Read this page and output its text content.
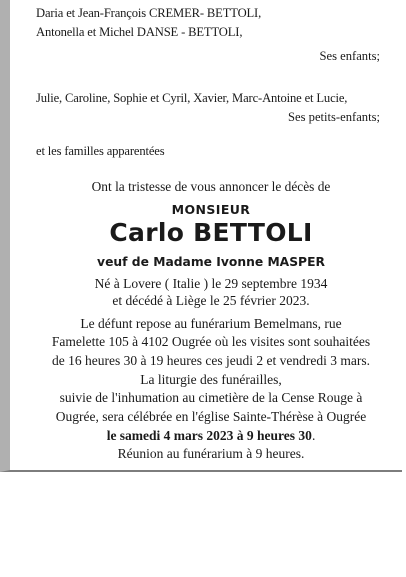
Daria et Jean-François CREMER- BETTOLI,
Antonella et Michel DANSE - BETTOLI,
Ses enfants;
Julie, Caroline, Sophie et Cyril, Xavier, Marc-Antoine et Lucie,
Ses petits-enfants;
et les familles apparentées
Ont la tristesse de vous annoncer le décès de
MONSIEUR
Carlo BETTOLI
veuf de Madame Ivonne MASPER
Né à Lovere ( Italie ) le 29 septembre 1934
et décédé à Liège le 25 février 2023.
Le défunt repose au funérarium Bemelmans, rue
Famelette 105 à 4102 Ougrée où les visites sont souhaitées
de 16 heures 30 à 19 heures ces jeudi 2 et vendredi 3 mars.
La liturgie des funérailles,
suivie de l'inhumation au cimetière de la Cense Rouge à
Ougrée, sera célébrée en l'église Sainte-Thérèse à Ougrée
le samedi 4 mars 2023 à 9 heures 30.
Réunion au funérarium à 9 heures.
